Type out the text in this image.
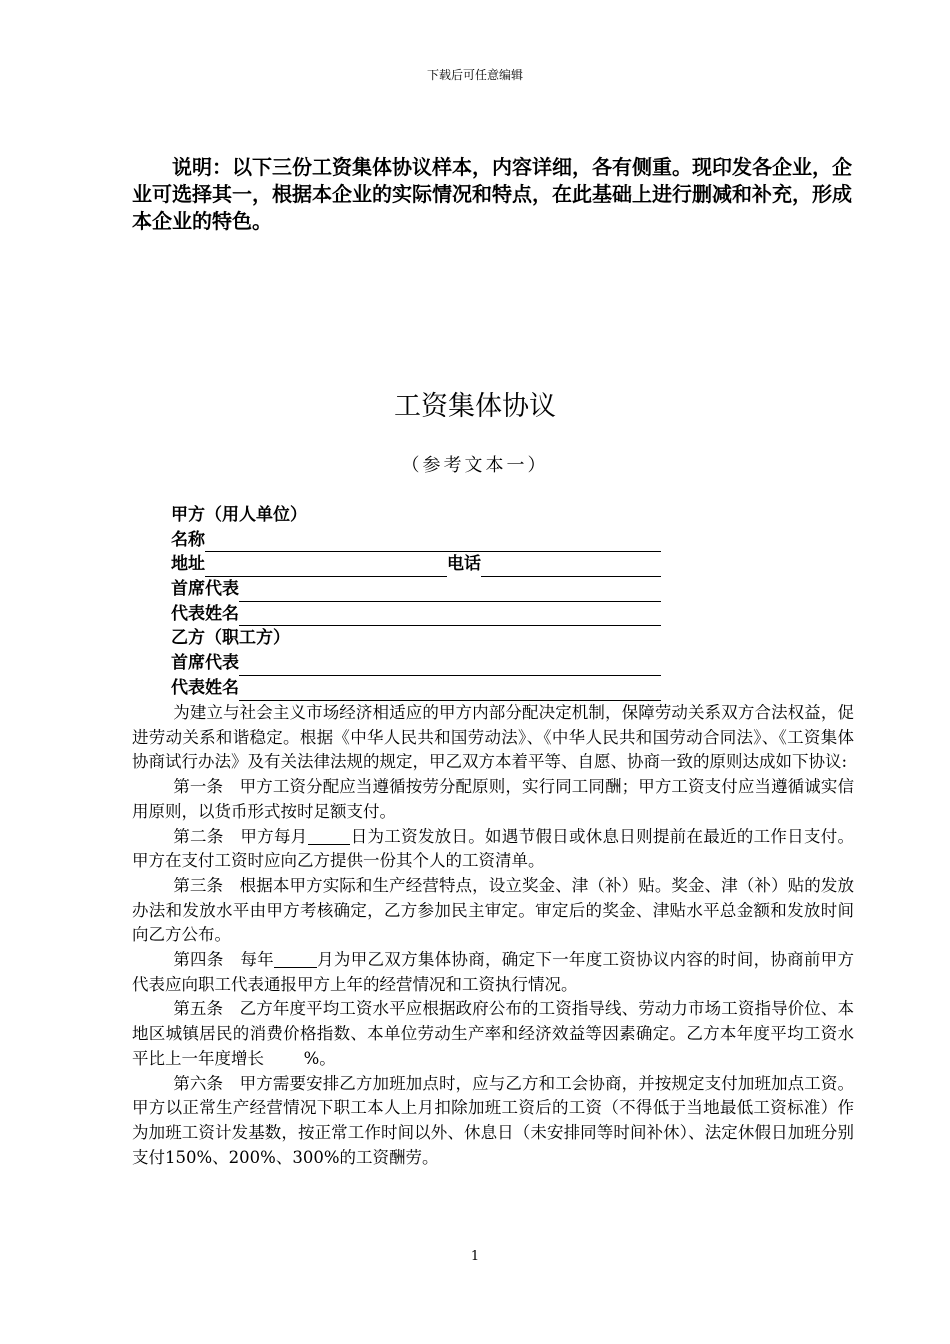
下载后可任意编辑
说明：以下三份工资集体协议样本，内容详细，各有侧重。现印发各企业，企业可选择其一，根据本企业的实际情况和特点，在此基础上进行删减和补充，形成本企业的特色。
工资集体协议
（参考文本一）
甲方（用人单位）
名称
地址	电话
首席代表
代表姓名
乙方（职工方）
首席代表
代表姓名

为建立与社会主义市场经济相适应的甲方内部分配决定机制，保障劳动关系双方合法权益，促进劳动关系和谐稳定。根据《中华人民共和国劳动法》、《中华人民共和国劳动合同法》、《工资集体协商试行办法》及有关法律法规的规定，甲乙双方本着平等、自愿、协商一致的原则达成如下协议:

第一条　甲方工资分配应当遵循按劳分配原则，实行同工同酬；甲方工资支付应当遵循诚实信用原则，以货币形式按时足额支付。

第二条　甲方每月	日为工资发放日。如遇节假日或休息日则提前在最近的工作日支付。甲方在支付工资时应向乙方提供一份其个人的工资清单。

第三条　根据本甲方实际和生产经营特点，设立奖金、津（补）贴。奖金、津（补）贴的发放办法和发放水平由甲方考核确定，乙方参加民主审定。审定后的奖金、津贴水平总金额和发放时间向乙方公布。

第四条　每年	月为甲乙双方集体协商，确定下一年度工资协议内容的时间，协商前甲方代表应向职工代表通报甲方上年的经营情况和工资执行情况。

第五条　乙方年度平均工资水平应根据政府公布的工资指导线、劳动力市场工资指导价位、本地区城镇居民的消费价格指数、本单位劳动生产率和经济效益等因素确定。乙方本年度平均工资水平比上一年度增长 %。

第六条　甲方需要安排乙方加班加点时，应与乙方和工会协商，并按规定支付加班加点工资。甲方以正常生产经营情况下职工本人上月扣除加班工资后的工资（不得低于当地最低工资标准）作为加班工资计发基数，按正常工作时间以外、休息日（未安排同等时间补休）、法定休假日加班分别支付150%、200%、300%的工资酬劳。

1
